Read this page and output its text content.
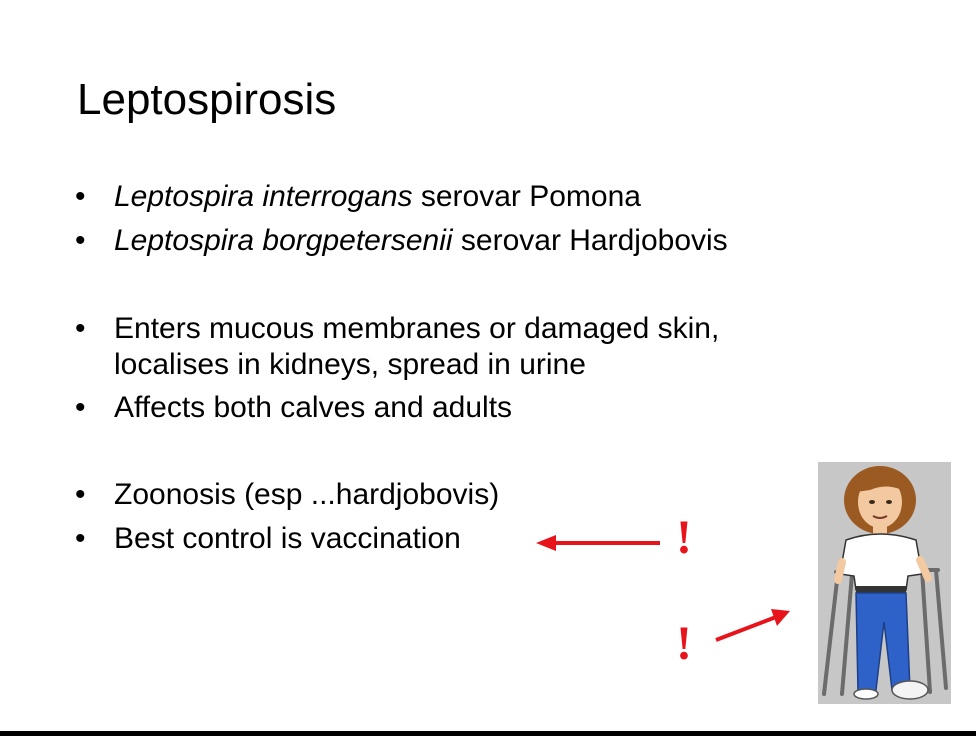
Leptospirosis
• Leptospira interrogans serovar Pomona
• Leptospira borgpetersenii serovar Hardjobovis
• Enters mucous membranes or damaged skin,
localises in kidneys, spread in urine
• Affects both calves and adults
• Zoonosis (esp ...hardjobovis)
• Best control is vaccination	!
!
